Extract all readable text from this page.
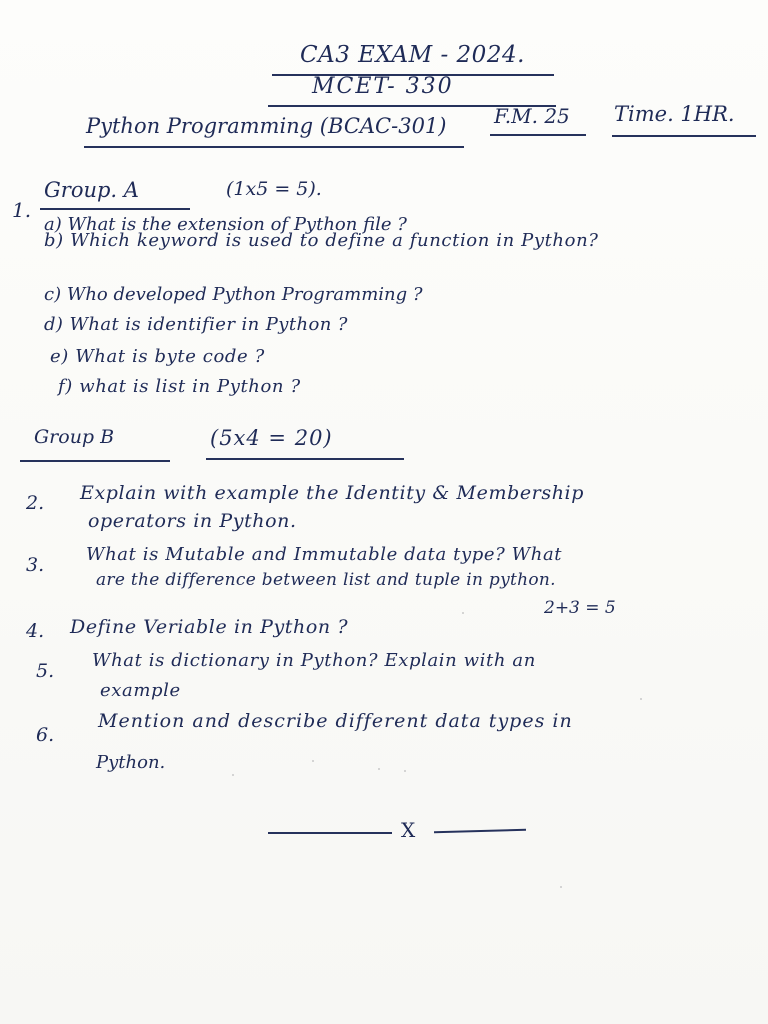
CA3 EXAM - 2024.
MCET- 330
Python Programming (BCAC-301) F.M. 25 Time. 1HR.
1.
Group. A	(1x5 = 5).
a) What is the extension of Python file ?
b) Which keyword is used to define a function in Python?
c) Who developed Python Programming ?
d) What is identifier in Python ?
e) What is byte code ?
f) what is list in Python ?
Group B	(5x4 = 20)
2. Explain with example the Identity & Membership
operators in Python.
3. What is Mutable and Immutable data type? What
are the difference between list and tuple in python.
2+3 = 5
4. Define Veriable in Python ?
5. What is dictionary in Python? Explain with an
example
6.
Mention and describe different data types in
Python.
X
